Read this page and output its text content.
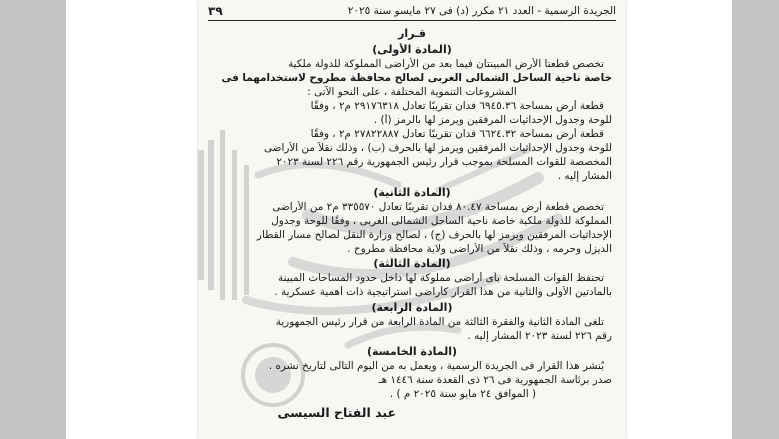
الجريدة الرسمية - العدد ٢١ مكرر (د) فى ٢٧ مايسو سنة ٢٠٢٥
٣٩
قـرار
(المادة الأولى)
تخصص قطعتا الأرض المبينتان فيما بعد من الأراضى المملوكة للدولة ملكية
خاصة ناحية الساحل الشمالى الغربى لصالح محافظة مطروح لاستخدامهما فى
المشروعات التنموية المختلفة ، على النحو الآتى :
قطعة أرض بمساحة ٦٩٤٥.٣٦ فدان تقريبًا تعادل ٢٩١٧٦٣١٨ م٢ ، وفقًا
للوحة وجدول الإحداثيات المرفقين ويرمز لها بالرمز (أ) .
قطعة أرض بمساحة ٦٦٢٤.٣٢ فدان تقريبًا تعادل ٢٧٨٢٢٨٨٧ م٢ ، وفقًا
للوحة وجدول الإحداثيات المرفقين ويرمز لها بالحرف (ب) ، وذلك نقلاً من الأراضى
المخصصة للقوات المسلحة بموجب قرار رئيس الجمهورية رقم ٢٢٦ لسنة ٢٠٢٣
المشار إليه .
(المادة الثانية)
تخصص قطعة أرض بمساحة ٨٠.٤٧ فدان تقريبًا تعادل ٣٣٥٥٧٠ م٢ من الأراضى
المملوكة للدولة ملكية خاصة ناحية الساحل الشمالى الغربى ، وفقًا للوحة وجدول
الإحداثيات المرفقين ويرمز لها بالحرف (ج) ، لصالح وزارة النقل لصالح مسار القطار
الديزل وحرمه ، وذلك نقلاً من الأراضى ولاية محافظة مطروح .
(المادة الثالثة)
تحتفظ القوات المسلحة بأى أراضى مملوكة لها داخل حدود المساحات المبينة
بالمادتين الأولى والثانية من هذا القرار كأراضى استراتيجية ذات أهمية عسكرية .
(المادة الرابعة)
تلغى المادة الثانية والفقرة الثالثة من المادة الرابعة من قرار رئيس الجمهورية
رقم ٢٢٦ لسنة ٢٠٢٣ المشار إليه .
(المادة الخامسة)
يُنشر هذا القرار فى الجريدة الرسمية ، ويعمل به من اليوم التالى لتاريخ نشره .
صدر برئاسة الجمهورية فى ٢٦ ذى القعدة سنة ١٤٤٦ هـ
( الموافق ٢٤ مايو سنة ٢٠٢٥ م ) .
عبد الفتاح السيسى
